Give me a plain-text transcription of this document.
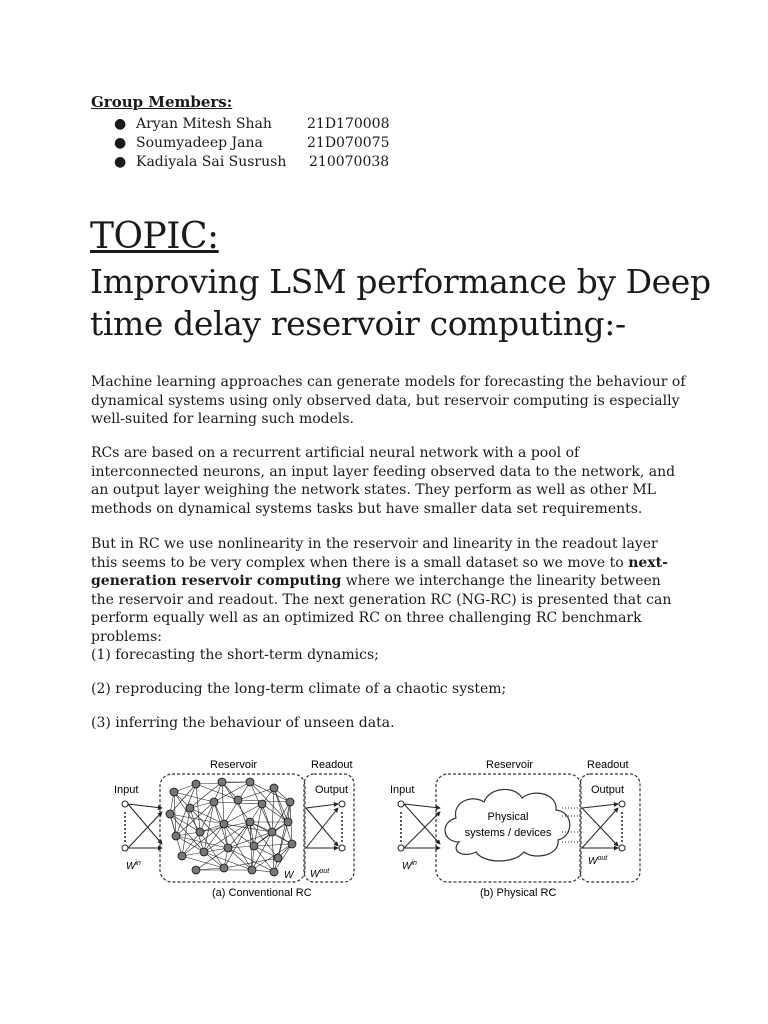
Group Members:
● Aryan Mitesh Shah	21D170008
● Soumyadeep Jana	21D070075
● Kadiyala Sai Susrush 210070038
TOPIC:
Improving LSM performance by Deep time delay reservoir computing:-
Machine learning approaches can generate models for forecasting the behaviour of dynamical systems using only observed data, but reservoir computing is especially well-suited for learning such models.
RCs are based on a recurrent artificial neural network with a pool of interconnected neurons, an input layer feeding observed data to the network, and an output layer weighing the network states. They perform as well as other ML methods on dynamical systems tasks but have smaller data set requirements.
But in RC we use nonlinearity in the reservoir and linearity in the readout layer this seems to be very complex when there is a small dataset so we move to next-generation reservoir computing where we interchange the linearity between the reservoir and readout. The next generation RC (NG-RC) is presented that can perform equally well as an optimized RC on three challenging RC benchmark problems:
(1) forecasting the short-term dynamics;
(2) reproducing the long-term climate of a chaotic system;
(3) inferring the behaviour of unseen data.
Input
Reservoir	Readout
Output
$W^{in}$
W $W^{out}$
(a) Conventional RC
Input
Reservoir	Readout
Output
$W^{in}$
Physical
systems / devices
$W^{out}$
(b) Physical RC
